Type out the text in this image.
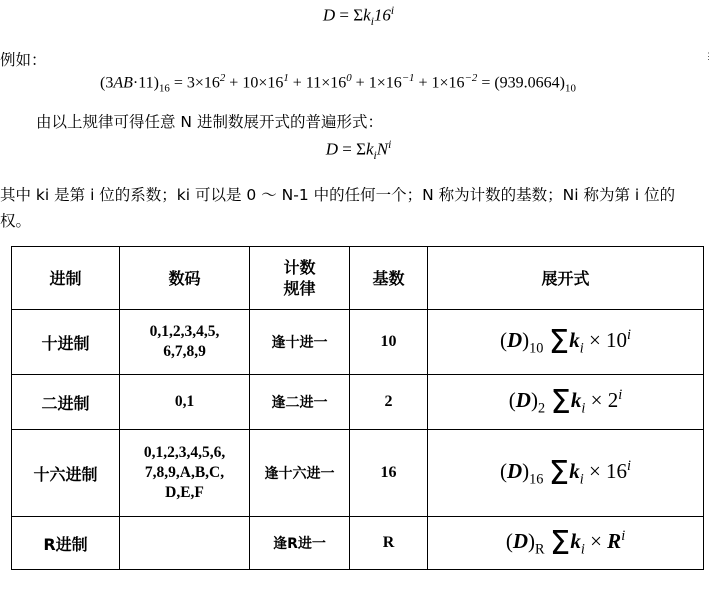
$D = \Sigma k_i16^i$
例如：	⋮
$(3AB\cdot 11)_{16} = 3\times 16^2 + 10\times 16^1 + 11\times 16^0 + 1\times 16^{-1} + 1\times 16^{-2} = (939.0664)_{10}$
由以上规律可得任意 N 进制数展开式的普遍形式：
$D = \Sigma k_iN^i$
其中 ki 是第 i 位的系数；ki 可以是 0 ～ N-1 中的任何一个；N 称为计数的基数；Ni 称为第 i 位的权。
进制	数码	计数
规律	基数	展开式
十进制	0,1,2,3,4,5,
6,7,8,9	逢十进一	10	$(D)_{10}$ $\Sigma k_i \times 10^i$
二进制	0,1	逢二进一	2	$(D)_2$ $\Sigma k_i \times 2^i$
十六进制	0,1,2,3,4,5,6,
7,8,9,A,B,C,
D,E,F	逢十六进一	16	$(D)_{16}$ $\Sigma k_i \times 16^i$
R进制		逢R进一	R	$(D)_R$ $\Sigma k_i \times R^i$
